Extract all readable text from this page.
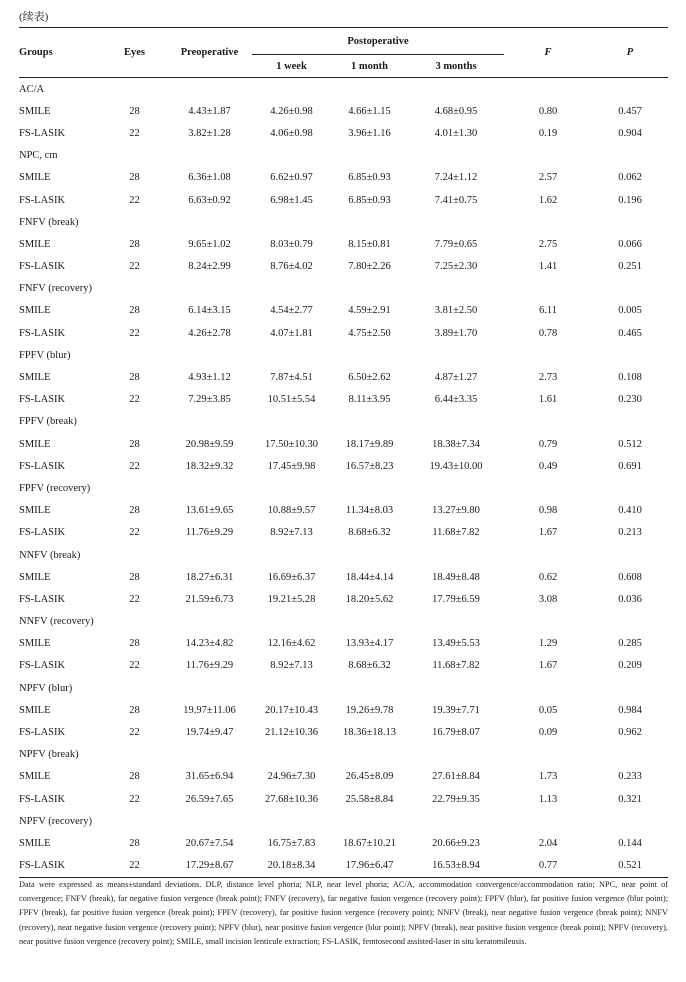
(续表)
Groups	Eyes	Preoperative	Postoperative			F	P
			1 week	1 month	3 months		
AC/A							
SMILE	28	4.43±1.87	4.26±0.98	4.66±1.15	4.68±0.95	0.80	0.457
FS-LASIK	22	3.82±1.28	4.06±0.98	3.96±1.16	4.01±1.30	0.19	0.904
NPC, cm							
SMILE	28	6.36±1.08	6.62±0.97	6.85±0.93	7.24±1.12	2.57	0.062
FS-LASIK	22	6.63±0.92	6.98±1.45	6.85±0.93	7.41±0.75	1.62	0.196
FNFV (break)							
SMILE	28	9.65±1.02	8.03±0.79	8.15±0.81	7.79±0.65	2.75	0.066
FS-LASIK	22	8.24±2.99	8.76±4.02	7.80±2.26	7.25±2.30	1.41	0.251
FNFV (recovery)							
SMILE	28	6.14±3.15	4.54±2.77	4.59±2.91	3.81±2.50	6.11	0.005
FS-LASIK	22	4.26±2.78	4.07±1.81	4.75±2.50	3.89±1.70	0.78	0.465
FPFV (blur)							
SMILE	28	4.93±1.12	7.87±4.51	6.50±2.62	4.87±1.27	2.73	0.108
FS-LASIK	22	7.29±3.85	10.51±5.54	8.11±3.95	6.44±3.35	1.61	0.230
FPFV (break)							
SMILE	28	20.98±9.59	17.50±10.30	18.17±9.89	18.38±7.34	0.79	0.512
FS-LASIK	22	18.32±9.32	17.45±9.98	16.57±8.23	19.43±10.00	0.49	0.691
FPFV (recovery)							
SMILE	28	13.61±9.65	10.88±9.57	11.34±8.03	13.27±9.80	0.98	0.410
FS-LASIK	22	11.76±9.29	8.92±7.13	8.68±6.32	11.68±7.82	1.67	0.213
NNFV (break)							
SMILE	28	18.27±6.31	16.69±6.37	18.44±4.14	18.49±8.48	0.62	0.608
FS-LASIK	22	21.59±6.73	19.21±5.28	18.20±5.62	17.79±6.59	3.08	0.036
NNFV (recovery)							
SMILE	28	14.23±4.82	12.16±4.62	13.93±4.17	13.49±5.53	1.29	0.285
FS-LASIK	22	11.76±9.29	8.92±7.13	8.68±6.32	11.68±7.82	1.67	0.209
NPFV (blur)							
SMILE	28	19.97±11.06	20.17±10.43	19.26±9.78	19.39±7.71	0.05	0.984
FS-LASIK	22	19.74±9.47	21.12±10.36	18.36±18.13	16.79±8.07	0.09	0.962
NPFV (break)							
SMILE	28	31.65±6.94	24.96±7.30	26.45±8.09	27.61±8.84	1.73	0.233
FS-LASIK	22	26.59±7.65	27.68±10.36	25.58±8.84	22.79±9.35	1.13	0.321
NPFV (recovery)							
SMILE	28	20.67±7.54	16.75±7.83	18.67±10.21	20.66±9.23	2.04	0.144
FS-LASIK	22	17.29±8.67	20.18±8.34	17.96±6.47	16.53±8.94	0.77	0.521
Data were expressed as means±standard deviations. DLP, distance level phoria; NLP, near level phoria; AC/A, accommodation convergence/accommodation ratio; NPC, near point of convergence; FNFV (break), far negative fusion vergence (break point); FNFV (recovery), far negative fusion vergence (recovery point); FPFV (blur), far positive fusion vergence (blur point); FPFV (break), far positive fusion vergence (break point); FPFV (recovery), far positive fusion vergence (recovery point); NNFV (break), near negative fusion vergence (break point); NNFV (recovery), near negative fusion vergence (recovery point); NPFV (blur), near positive fusion vergence (blur point); NPFV (break), near positive fusion vergence (break point); NPFV (recovery), near positive fusion vergence (recovery point); SMILE, small incision lenticule extraction; FS-LASIK, femtosecond assisted-laser in situ keratomileusis.
